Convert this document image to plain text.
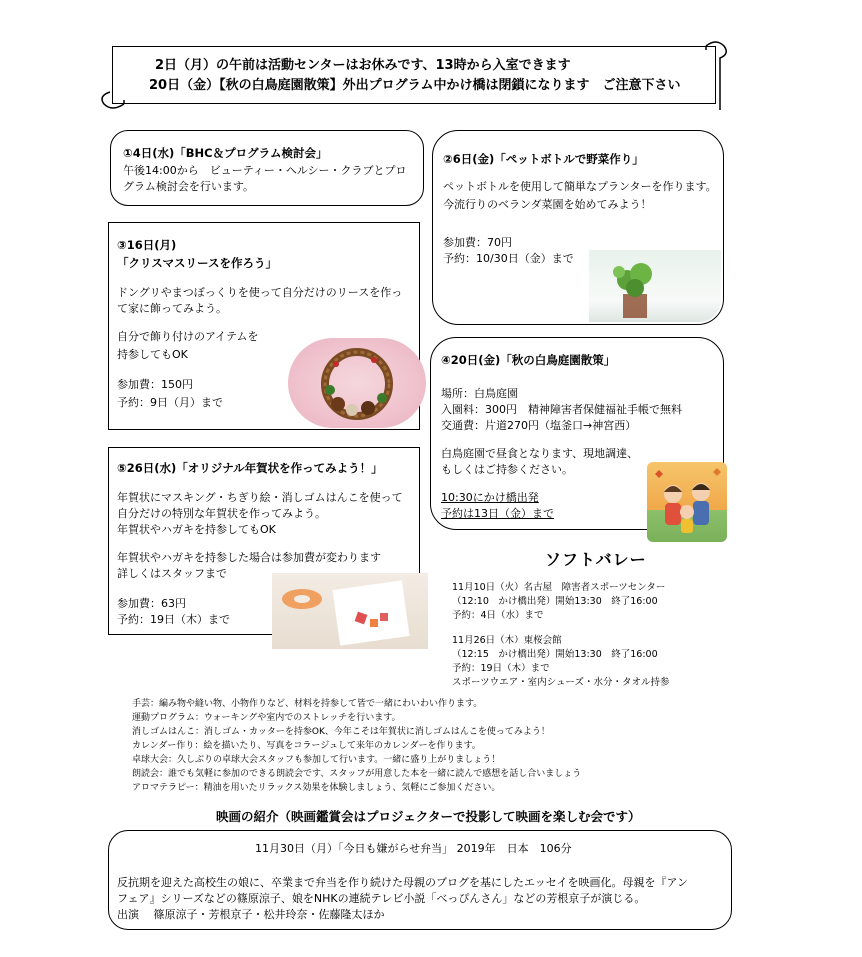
2日（月）の午前は活動センターはお休みです、13時から入室できます

20日（金）【秋の白鳥庭園散策】外出プログラム中かけ橋は閉鎖になります　ご注意下さい

①4日(水)「BHC＆プログラム検討会」

午後14:00から　ビューティー・ヘルシー・クラブとプロ

グラム検討会を行います。

③16日(月)

「クリスマスリースを作ろう」

ドングリやまつぼっくりを使って自分だけのリースを作っ

て家に飾ってみよう。

自分で飾り付けのアイテムを

持参してもOK

参加費：150円

予約：9日（月）まで

②6日(金)「ペットボトルで野菜作り」

ペットボトルを使用して簡単なプランターを作ります。

今流行りのベランダ菜園を始めてみよう！

参加費：70円

予約：10/30日（金）まで

④20日(金)「秋の白鳥庭園散策」

場所：白鳥庭園

入園料：300円　精神障害者保健福祉手帳で無料

交通費：片道270円（塩釜口→神宮西）

白鳥庭園で昼食となります、現地調達、

もしくはご持参ください。

10:30にかけ橋出発

予約は13日（金）まで

⑤26日(水)「オリジナル年賀状を作ってみよう！」

年賀状にマスキング・ちぎり絵・消しゴムはんこを使って

自分だけの特別な年賀状を作ってみよう。

年賀状やハガキを持参してもOK

年賀状やハガキを持参した場合は参加費が変わります

詳しくはスタッフまで

参加費：63円

予約：19日（木）まで

ソフトバレー

11月10日（火）名古屋　障害者スポーツセンター

（12:10　かけ橋出発）開始13:30　終了16:00

予約：4日（水）まで

11月26日（木）東桜会館

（12:15　かけ橋出発）開始13:30　終了16:00

予約：19日（木）まで

スポーツウエア・室内シューズ・水分・タオル持参

手芸：編み物や縫い物、小物作りなど、材料を持参して皆で一緒にわいわい作ります。

運動プログラム：ウォーキングや室内でのストレッチを行います。

消しゴムはんこ：消しゴム・カッターを持参OK、今年こそは年賀状に消しゴムはんこを使ってみよう！

カレンダー作り：絵を描いたり、写真をコラージュして来年のカレンダーを作ります。

卓球大会：久しぶりの卓球大会スタッフも参加して行います。一緒に盛り上がりましょう！

朗読会：誰でも気軽に参加のできる朗読会です、スタッフが用意した本を一緒に読んで感想を話し合いましょう

アロマテラピー：精油を用いたリラックス効果を体験しましょう、気軽にご参加ください。

映画の紹介（映画鑑賞会はプロジェクターで投影して映画を楽しむ会です）

11月30日（月）「今日も嫌がらせ弁当」 2019年　日本　106分

反抗期を迎えた高校生の娘に、卒業まで弁当を作り続けた母親のブログを基にしたエッセイを映画化。母親を『アン

フェア』シリーズなどの篠原涼子、娘をNHKの連続テレビ小説「べっぴんさん」などの芳根京子が演じる。

出演　 篠原涼子・芳根京子・松井玲奈・佐藤隆太ほか
